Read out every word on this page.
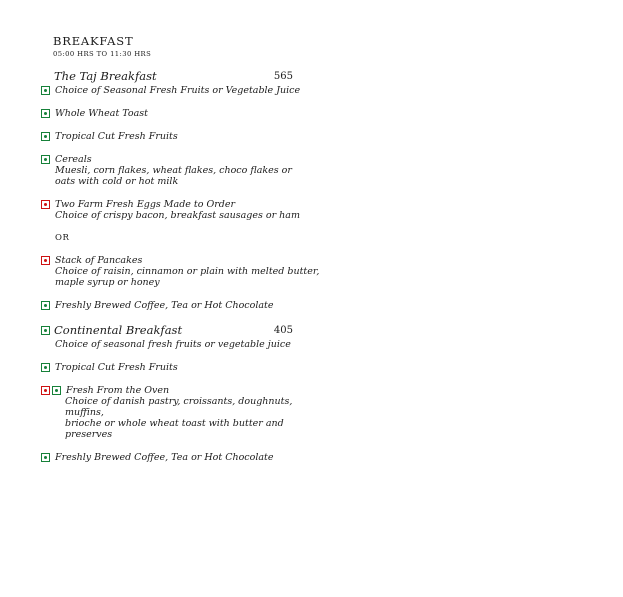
BREAKFAST
05:00 HRS TO 11:30 HRS
The Taj Breakfast	565
Choice of Seasonal Fresh Fruits or Vegetable Juice
Whole Wheat Toast
Tropical Cut Fresh Fruits
Cereals
Muesli, corn flakes, wheat flakes, choco flakes or
oats with cold or hot milk
Two Farm Fresh Eggs Made to Order
Choice of crispy bacon, breakfast sausages or ham
OR
Stack of Pancakes
Choice of raisin, cinnamon or plain with melted butter,
maple syrup or honey
Freshly Brewed Coffee, Tea or Hot Chocolate
Continental Breakfast	405
Choice of seasonal fresh fruits or vegetable juice
Tropical Cut Fresh Fruits
Fresh From the Oven
Choice of danish pastry, croissants, doughnuts, muffins,
brioche or whole wheat toast with butter and preserves
Freshly Brewed Coffee, Tea or Hot Chocolate
